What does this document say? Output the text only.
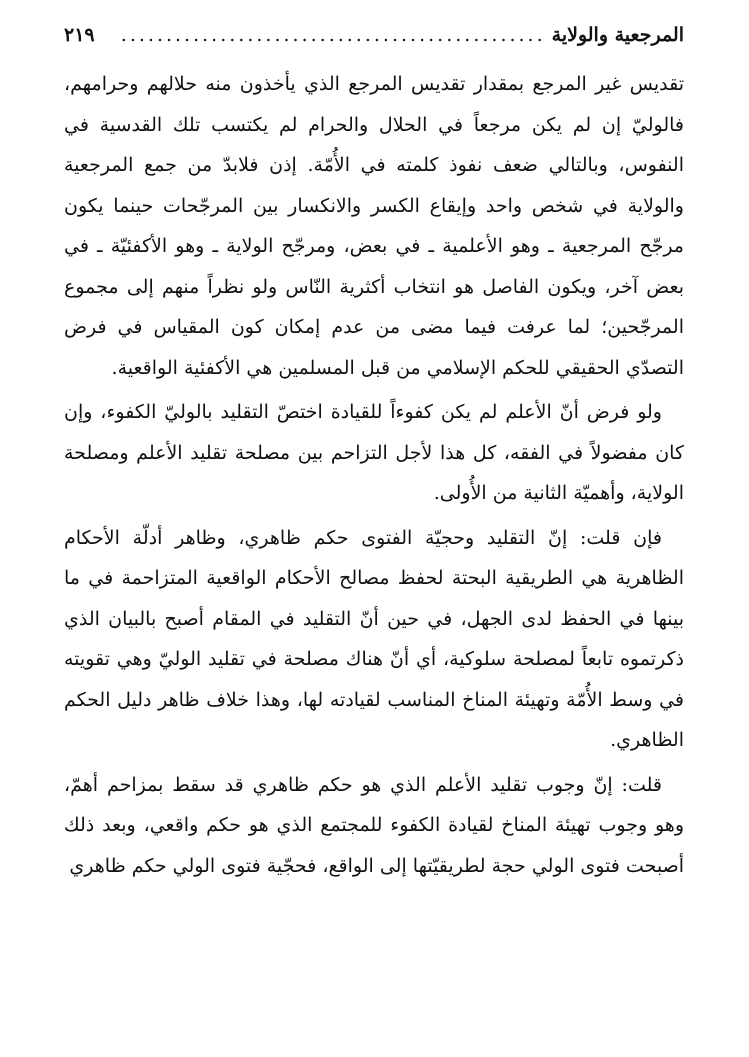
المرجعية والولاية
...............................................
٢١٩

تقديس غير المرجع بمقدار تقديس المرجع الذي يأخذون منه حلالهم وحرامهم، فالوليّ إن لم يكن مرجعاً في الحلال والحرام لم يكتسب تلك القدسية في النفوس، وبالتالي ضعف نفوذ كلمته في الأُمّة. إذن فلابدّ من جمع المرجعية والولاية في شخص واحد وإيقاع الكسر والانكسار بين المرجّحات حينما يكون مرجّح المرجعية ـ وهو الأعلمية ـ في بعض، ومرجّح الولاية ـ وهو الأكفئيّة ـ في بعض آخر، ويكون الفاصل هو انتخاب أكثرية النّاس ولو نظراً منهم إلى مجموع المرجّحين؛ لما عرفت فيما مضى من عدم إمكان كون المقياس في فرض التصدّي الحقيقي للحكم الإسلامي من قبل المسلمين هي الأكفئية الواقعية.

ولو فرض أنّ الأعلم لم يكن كفوءاً للقيادة اختصّ التقليد بالوليّ الكفوء، وإن كان مفضولاً في الفقه، كل هذا لأجل التزاحم بين مصلحة تقليد الأعلم ومصلحة الولاية، وأهميّة الثانية من الأُولى.

فإن قلت: إنّ التقليد وحجيّة الفتوى حكم ظاهري، وظاهر أدلّة الأحكام الظاهرية هي الطريقية البحتة لحفظ مصالح الأحكام الواقعية المتزاحمة في ما بينها في الحفظ لدى الجهل، في حين أنّ التقليد في المقام أصبح بالبيان الذي ذكرتموه تابعاً لمصلحة سلوكية، أي أنّ هناك مصلحة في تقليد الوليّ وهي تقويته في وسط الأُمّة وتهيئة المناخ المناسب لقيادته لها، وهذا خلاف ظاهر دليل الحكم الظاهري.

قلت: إنّ وجوب تقليد الأعلم الذي هو حكم ظاهري قد سقط بمزاحم أهمّ، وهو وجوب تهيئة المناخ لقيادة الكفوء للمجتمع الذي هو حكم واقعي، وبعد ذلك أصبحت فتوى الولي حجة لطريقيّتها إلى الواقع، فحجّية فتوى الولي حكم ظاهري
